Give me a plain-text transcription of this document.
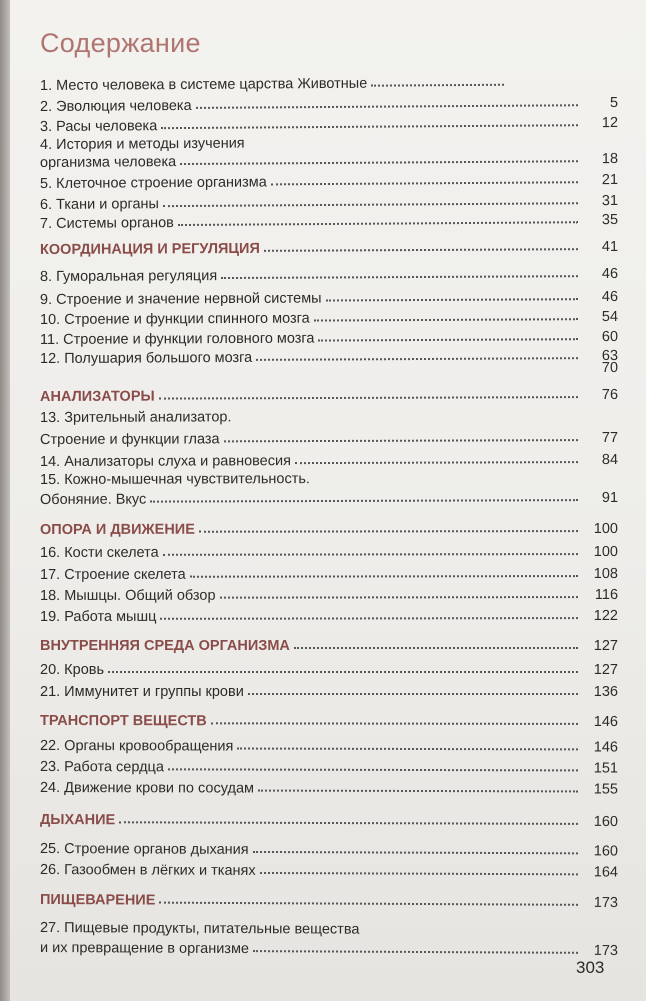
Содержание
1. Место человека в системе царства Животные
2. Эволюция человека	5
3. Расы человека	12
4. История и методы изучения
организма человека	18
5. Клеточное строение организма	21
6. Ткани и органы	31
7. Системы органов	35
КООРДИНАЦИЯ И РЕГУЛЯЦИЯ	41
8. Гуморальная регуляция	46
9. Строение и значение нервной системы	46
10. Строение и функции спинного мозга	54
11. Строение и функции головного мозга	60
12. Полушария большого мозга	63
70
АНАЛИЗАТОРЫ	76
13. Зрительный анализатор.
Строение и функции глаза	77
14. Анализаторы слуха и равновесия	84
15. Кожно-мышечная чувствительность.
Обоняние. Вкус	91
ОПОРА И ДВИЖЕНИЕ	100
16. Кости скелета	100
17. Строение скелета	108
18. Мышцы. Общий обзор	116
19. Работа мышц	122
ВНУТРЕННЯЯ СРЕДА ОРГАНИЗМА	127
20. Кровь	127
21. Иммунитет и группы крови	136
ТРАНСПОРТ ВЕЩЕСТВ	146
22. Органы кровообращения	146
23. Работа сердца	151
24. Движение крови по сосудам	155
ДЫХАНИЕ	160
25. Строение органов дыхания	160
26. Газообмен в лёгких и тканях	164
ПИЩЕВАРЕНИЕ	173
27. Пищевые продукты, питательные вещества
и их превращение в организме	173
303
